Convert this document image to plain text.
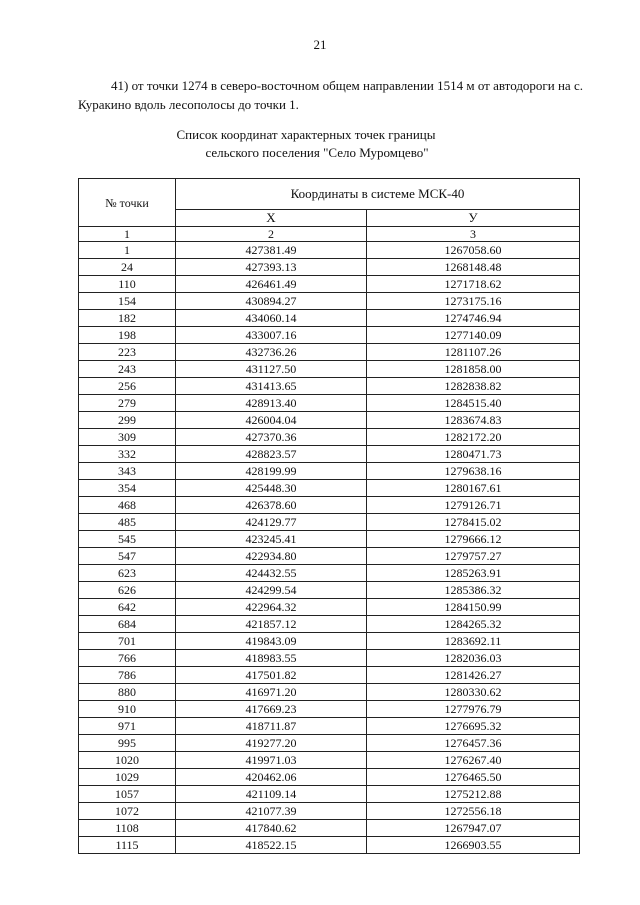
21
41) от точки 1274 в северо-восточном общем направлении 1514 м от автодороги на с. Куракино вдоль лесополосы до точки 1.
Список координат характерных точек границы
сельского поселения "Село Муромцево"
№ точки	Координаты в системе МСК-40	
	X	У
1	2	3
1	427381.49	1267058.60
24	427393.13	1268148.48
110	426461.49	1271718.62
154	430894.27	1273175.16
182	434060.14	1274746.94
198	433007.16	1277140.09
223	432736.26	1281107.26
243	431127.50	1281858.00
256	431413.65	1282838.82
279	428913.40	1284515.40
299	426004.04	1283674.83
309	427370.36	1282172.20
332	428823.57	1280471.73
343	428199.99	1279638.16
354	425448.30	1280167.61
468	426378.60	1279126.71
485	424129.77	1278415.02
545	423245.41	1279666.12
547	422934.80	1279757.27
623	424432.55	1285263.91
626	424299.54	1285386.32
642	422964.32	1284150.99
684	421857.12	1284265.32
701	419843.09	1283692.11
766	418983.55	1282036.03
786	417501.82	1281426.27
880	416971.20	1280330.62
910	417669.23	1277976.79
971	418711.87	1276695.32
995	419277.20	1276457.36
1020	419971.03	1276267.40
1029	420462.06	1276465.50
1057	421109.14	1275212.88
1072	421077.39	1272556.18
1108	417840.62	1267947.07
1115	418522.15	1266903.55
